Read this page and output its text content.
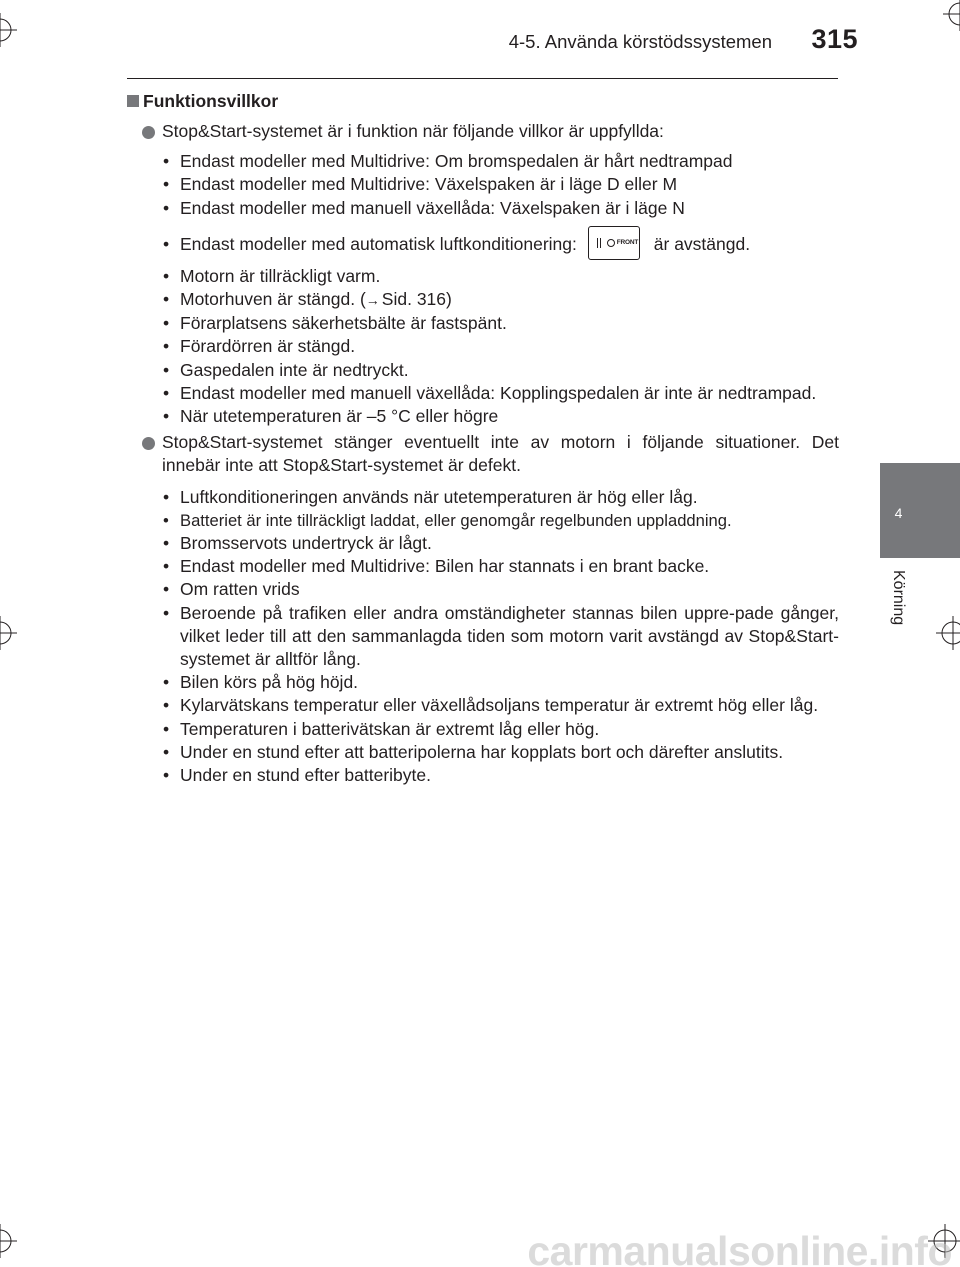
4-5. Använda körstödssystemen	315
4
Körning
Funktionsvillkor
Stop&Start-systemet är i funktion när följande villkor är uppfyllda:
• Endast modeller med Multidrive: Om bromspedalen är hårt nedtrampad
• Endast modeller med Multidrive: Växelspaken är i läge D eller M
• Endast modeller med manuell växellåda: Växelspaken är i läge N
• Endast modeller med automatisk luftkonditionering:	FRONT är avstängd.
• Motorn är tillräckligt varm.
• Motorhuven är stängd. (→ Sid. 316)
• Förarplatsens säkerhetsbälte är fastspänt.
• Förardörren är stängd.
• Gaspedalen inte är nedtryckt.
• Endast modeller med manuell växellåda: Kopplingspedalen är inte är nedtrampad.
• När utetemperaturen är –5 °C eller högre
Stop&Start-systemet stänger eventuellt inte av motorn i följande situationer. Det innebär inte att Stop&Start-systemet är defekt.
• Luftkonditioneringen används när utetemperaturen är hög eller låg.
• Batteriet är inte tillräckligt laddat, eller genomgår regelbunden uppladdning.
• Bromsservots undertryck är lågt.
• Endast modeller med Multidrive: Bilen har stannats i en brant backe.
• Om ratten vrids
• Beroende på trafiken eller andra omständigheter stannas bilen uppre-pade gånger, vilket leder till att den sammanlagda tiden som motorn varit avstängd av Stop&Start-systemet är alltför lång.
• Bilen körs på hög höjd.
• Kylarvätskans temperatur eller växellådsoljans temperatur är extremt hög eller låg.
• Temperaturen i batterivätskan är extremt låg eller hög.
• Under en stund efter att batteripolerna har kopplats bort och därefter anslutits.
• Under en stund efter batteribyte.
carmanualsonline.info
